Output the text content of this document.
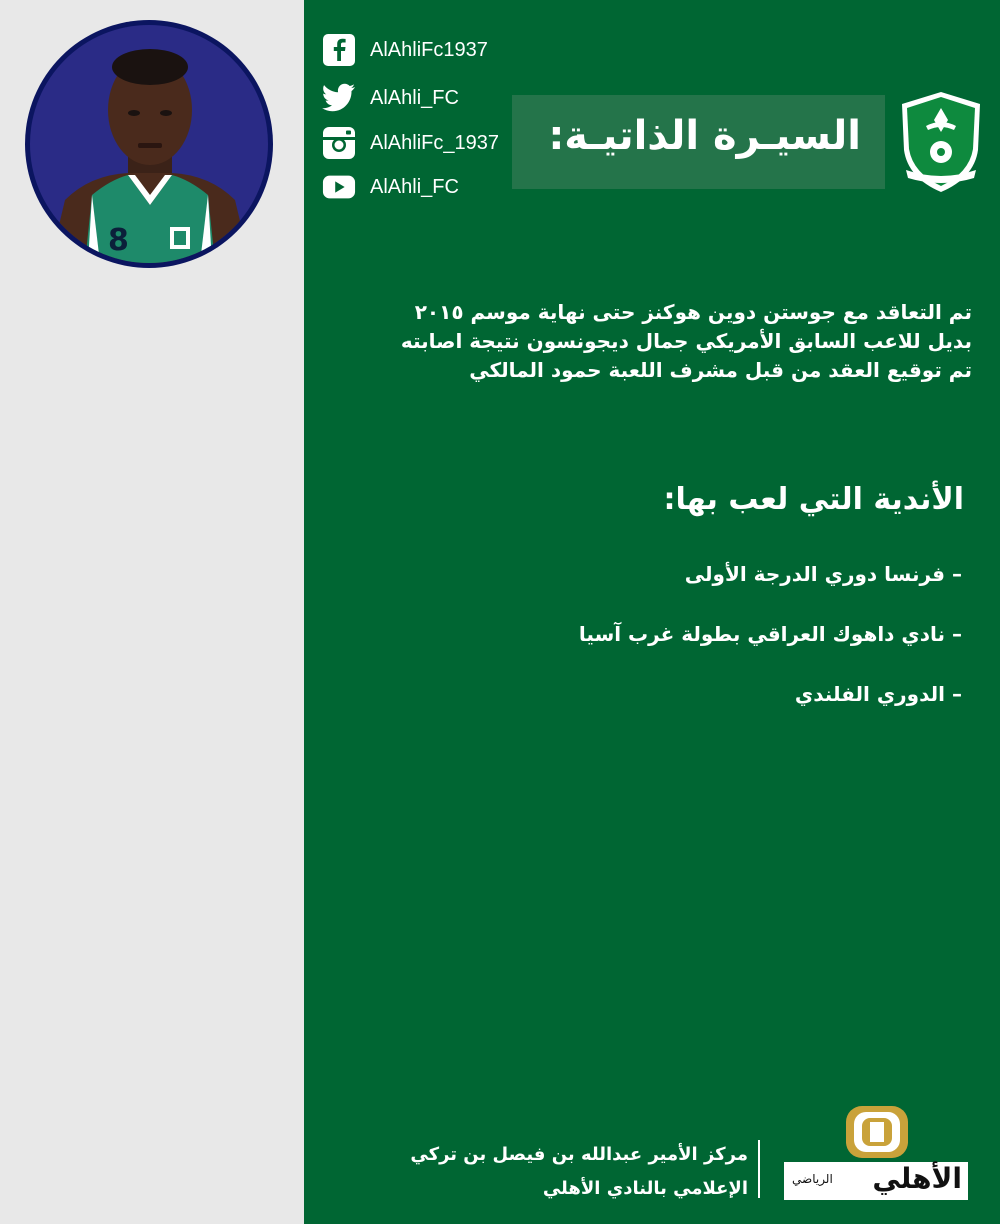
8
AlAhliFc1937
AlAhli_FC
AlAhliFc_1937
AlAhli_FC
السيـرة الذاتيـة:
تم التعاقد مع جوستن دوين هوكنز حتى نهاية موسم ٢٠١٥
بديل للاعب السابق الأمريكي جمال ديجونسون نتيجة اصابته
تم توقيع العقد من قبل مشرف اللعبة حمود المالكي
الأندية التي لعب بها:
– فرنسا دوري الدرجة الأولى
– نادي داهوك العراقي بطولة غرب آسيا
– الدوري الفلندي
مركز الأمير عبدالله بن فيصل بن تركي
الإعلامي بالنادي الأهلي	الأهلي
الرياضي
